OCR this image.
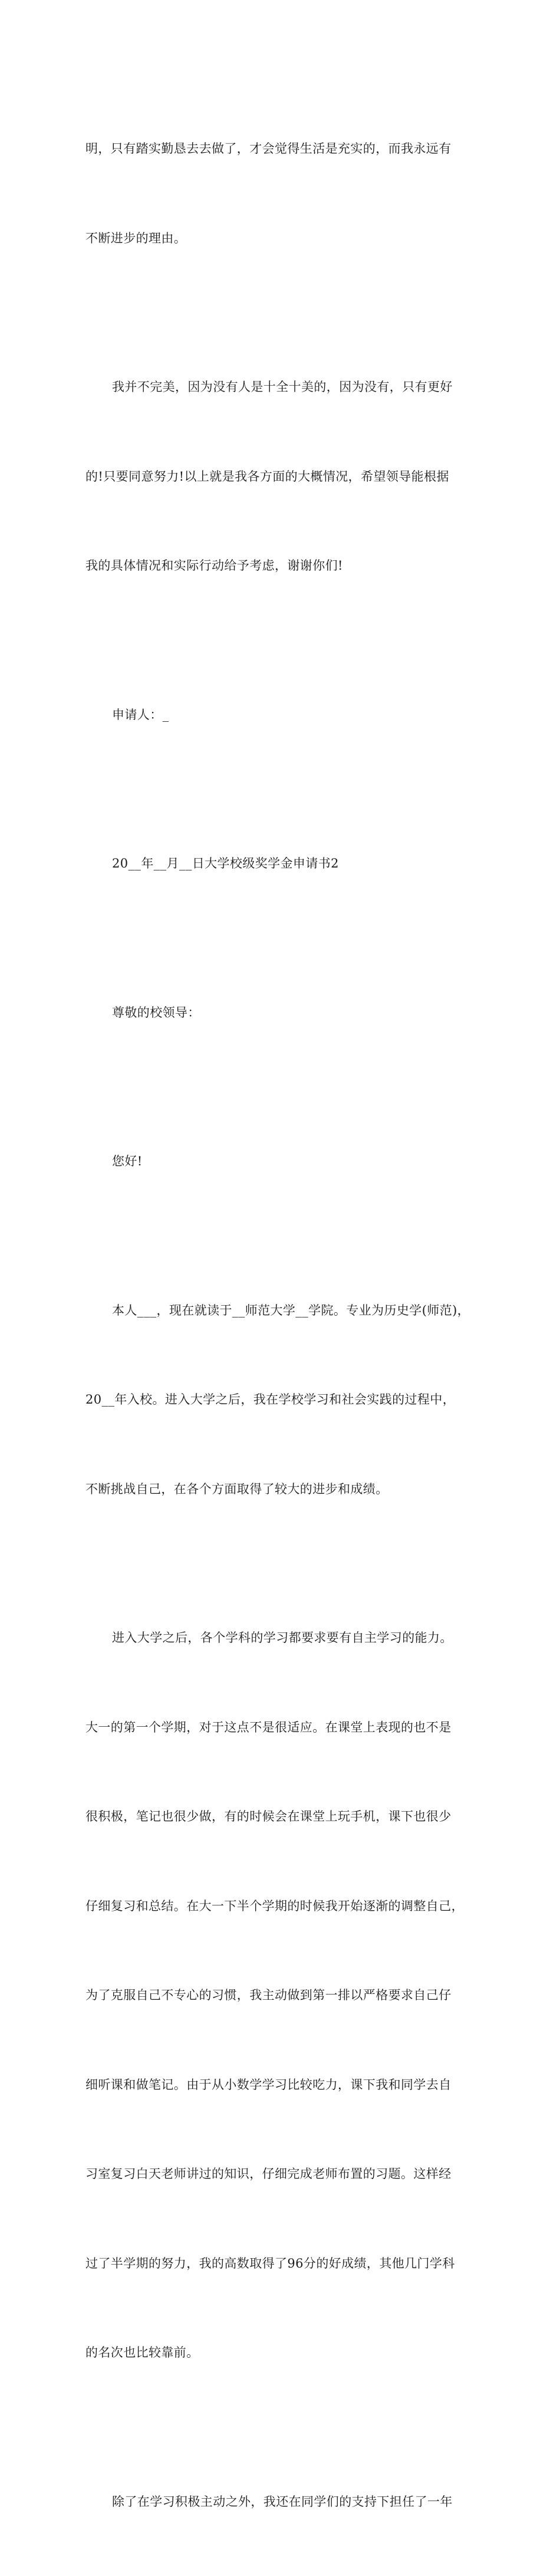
明，只有踏实勤恳去去做了，才会觉得生活是充实的，而我永远有

不断进步的理由。

我并不完美，因为没有人是十全十美的，因为没有，只有更好

的!只要同意努力!以上就是我各方面的大概情况，希望领导能根据

我的具体情况和实际行动给予考虑，谢谢你们!

申请人：_

20__年__月__日大学校级奖学金申请书2

尊敬的校领导：

您好!

本人___，现在就读于__师范大学__学院。专业为历史学(师范)，

20__年入校。进入大学之后，我在学校学习和社会实践的过程中，

不断挑战自己，在各个方面取得了较大的进步和成绩。

进入大学之后，各个学科的学习都要求要有自主学习的能力。

大一的第一个学期，对于这点不是很适应。在课堂上表现的也不是

很积极，笔记也很少做，有的时候会在课堂上玩手机，课下也很少

仔细复习和总结。在大一下半个学期的时候我开始逐渐的调整自己，

为了克服自己不专心的习惯，我主动做到第一排以严格要求自己仔

细听课和做笔记。由于从小数学学习比较吃力，课下我和同学去自

习室复习白天老师讲过的知识，仔细完成老师布置的习题。这样经

过了半学期的努力，我的高数取得了96分的好成绩，其他几门学科

的名次也比较靠前。

除了在学习积极主动之外，我还在同学们的支持下担任了一年
